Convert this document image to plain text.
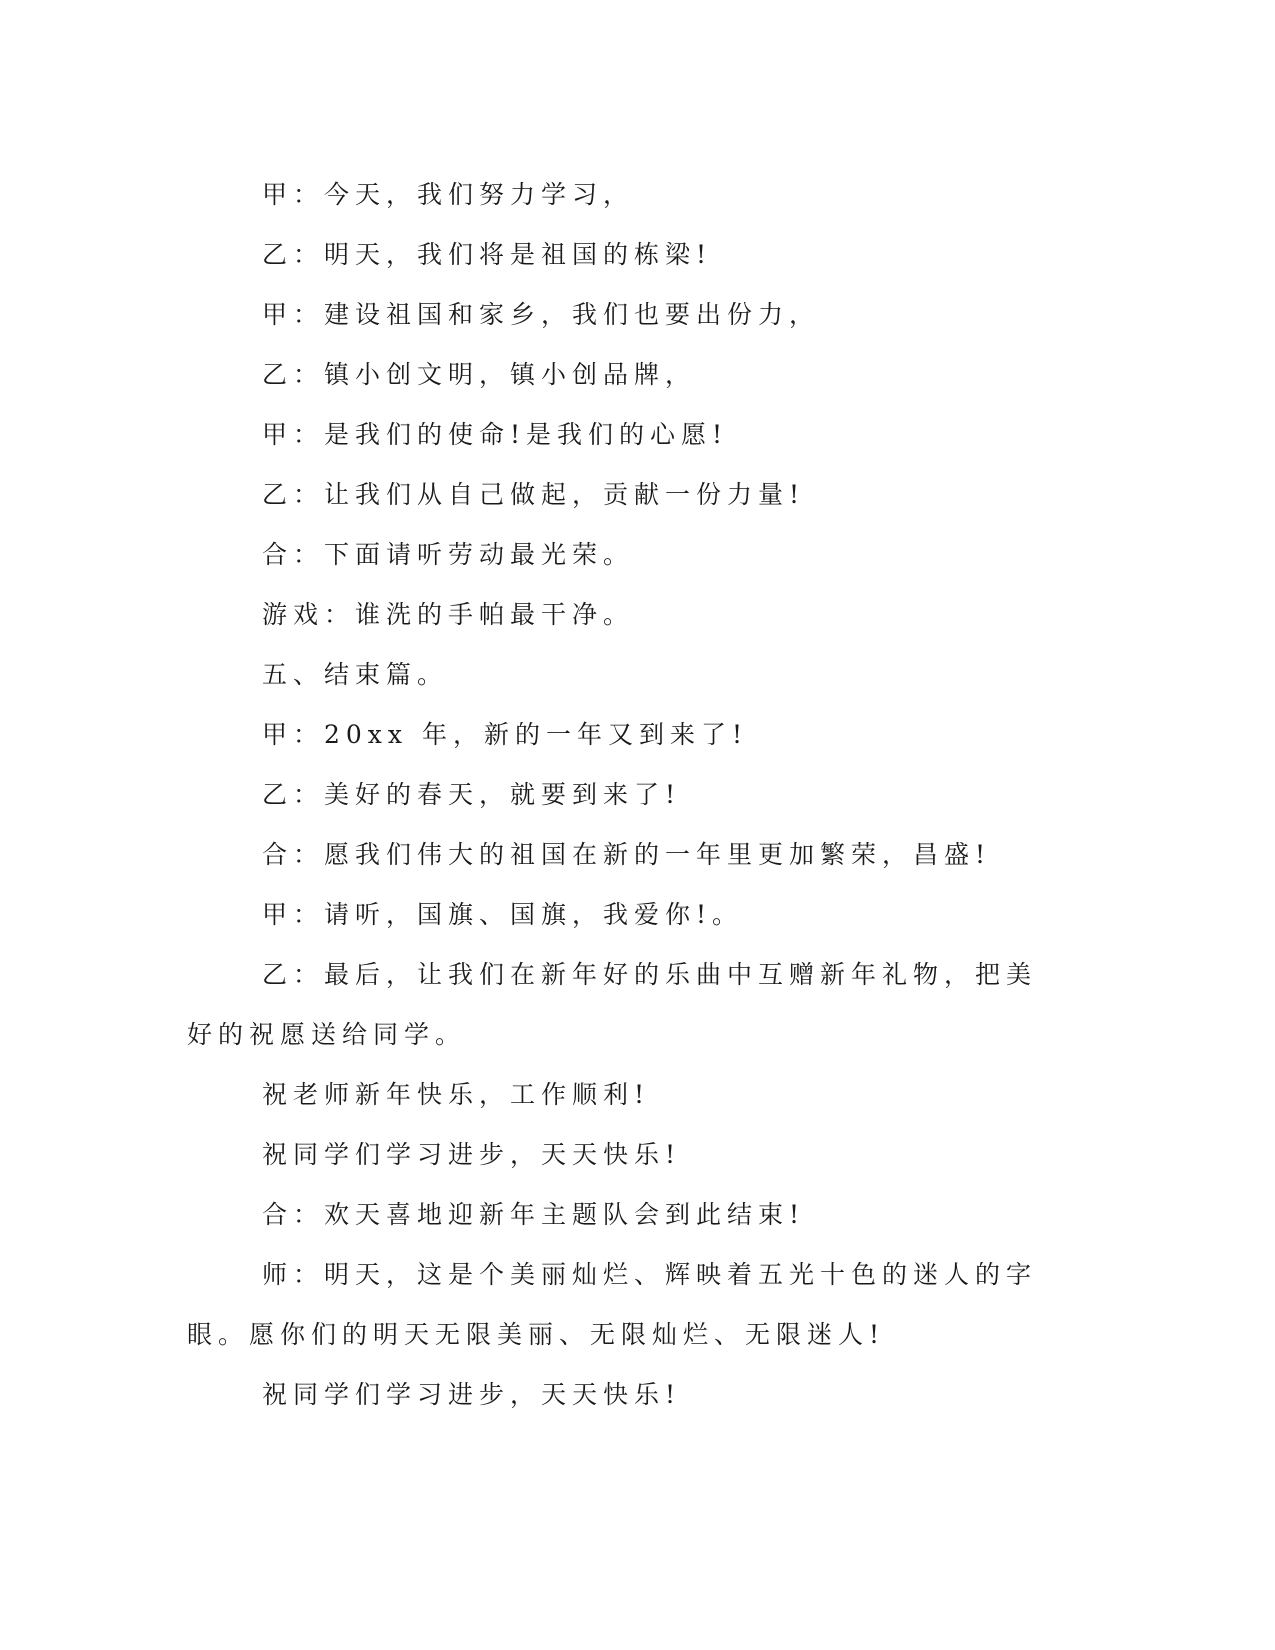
甲：今天，我们努力学习，

乙：明天，我们将是祖国的栋梁!

甲：建设祖国和家乡，我们也要出份力，

乙：镇小创文明，镇小创品牌，

甲：是我们的使命!是我们的心愿!

乙：让我们从自己做起，贡献一份力量!

合：下面请听劳动最光荣。

游戏：谁洗的手帕最干净。

五、结束篇。

甲：20xx 年，新的一年又到来了!

乙：美好的春天，就要到来了!

合：愿我们伟大的祖国在新的一年里更加繁荣，昌盛!

甲：请听，国旗、国旗，我爱你!。

乙：最后，让我们在新年好的乐曲中互赠新年礼物，把美好的祝愿送给同学。

祝老师新年快乐，工作顺利!

祝同学们学习进步，天天快乐!

合：欢天喜地迎新年主题队会到此结束!

师：明天，这是个美丽灿烂、辉映着五光十色的迷人的字眼。愿你们的明天无限美丽、无限灿烂、无限迷人!

祝同学们学习进步，天天快乐!
